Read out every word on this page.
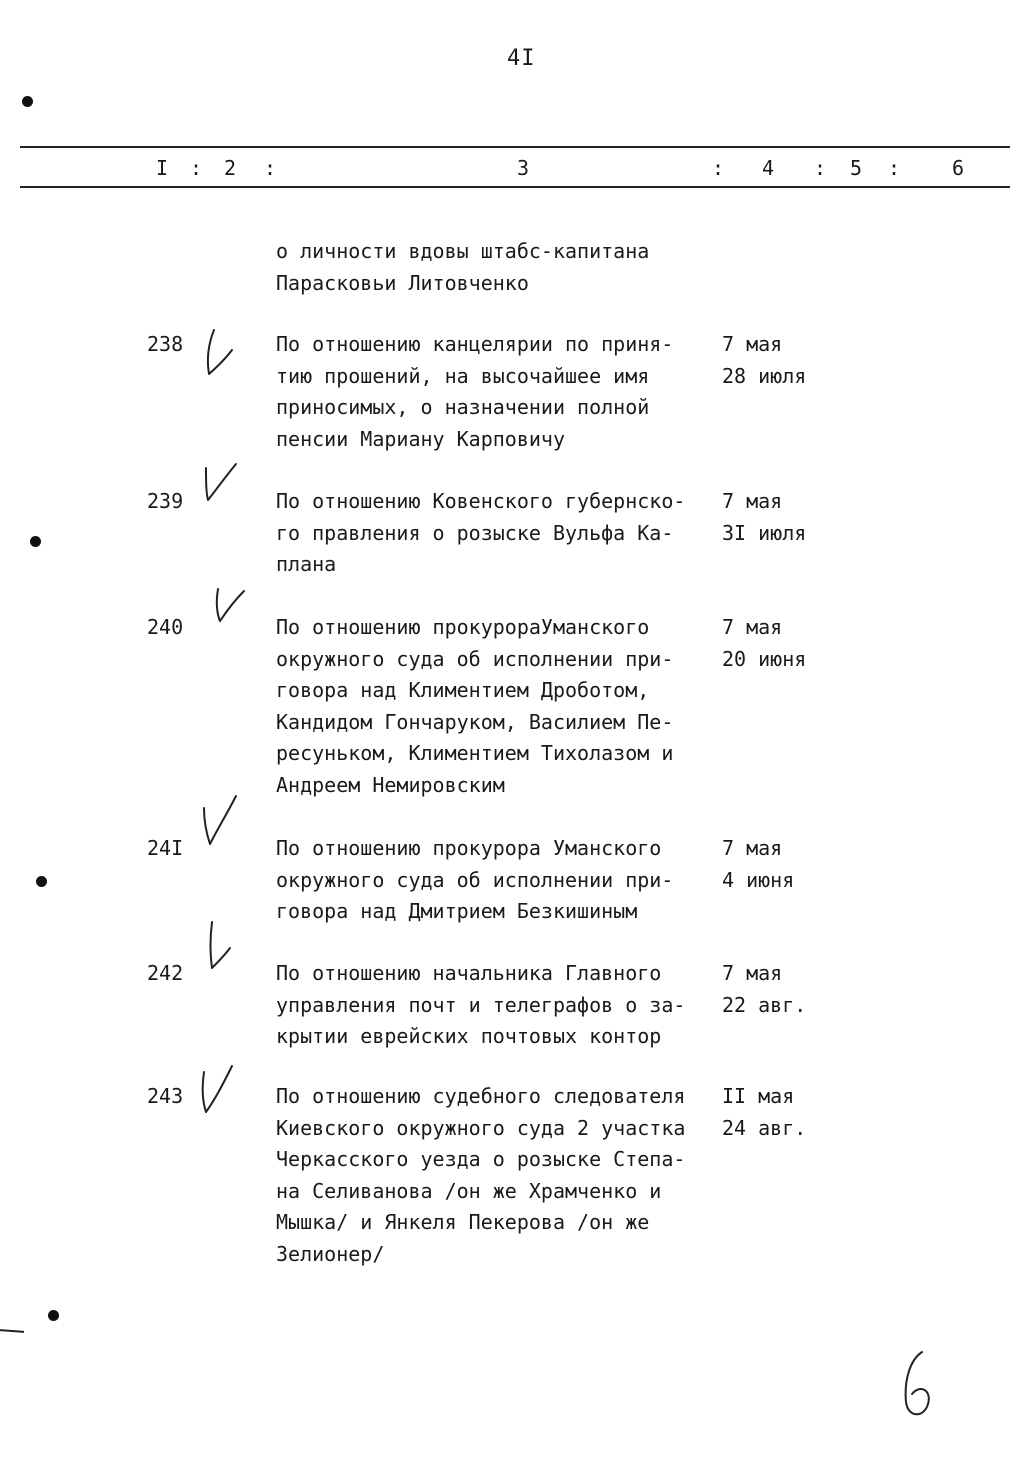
4I
I : 2 :	3	: 4 : 5 :	6
о личности вдовы штабс-капитана
Парасковьи Литовченко
238	По отношению канцелярии по приня-
тию прошений, на высочайшее имя
приносимых, о назначении полной
пенсии Мариану Карповичу
7 мая
28 июля
239	По отношению Ковенского губернско-
го правления о розыске Вульфа Ка-
плана
7 мая
3I июля
240	По отношению прокурораУманского
окружного суда об исполнении при-
говора над Климентием Дроботом,
Кандидом Гончаруком, Василием Пе-
ресуньком, Климентием Тихолазом и
Андреем Немировским
7 мая
20 июня
24I	По отношению прокурора Уманского
окружного суда об исполнении при-
говора над Дмитрием Безкишиным
7 мая
4 июня
242	По отношению начальника Главного
управления почт и телеграфов о за-
крытии еврейских почтовых контор
7 мая
22 авг.
243	По отношению судебного следователя
Киевского окружного суда 2 участка
Черкасского уезда о розыске Степа-
на Селиванова /он же Храмченко и
Мышка/ и Янкеля Пекерова /он же
Зелионер/
II мая
24 авг.
